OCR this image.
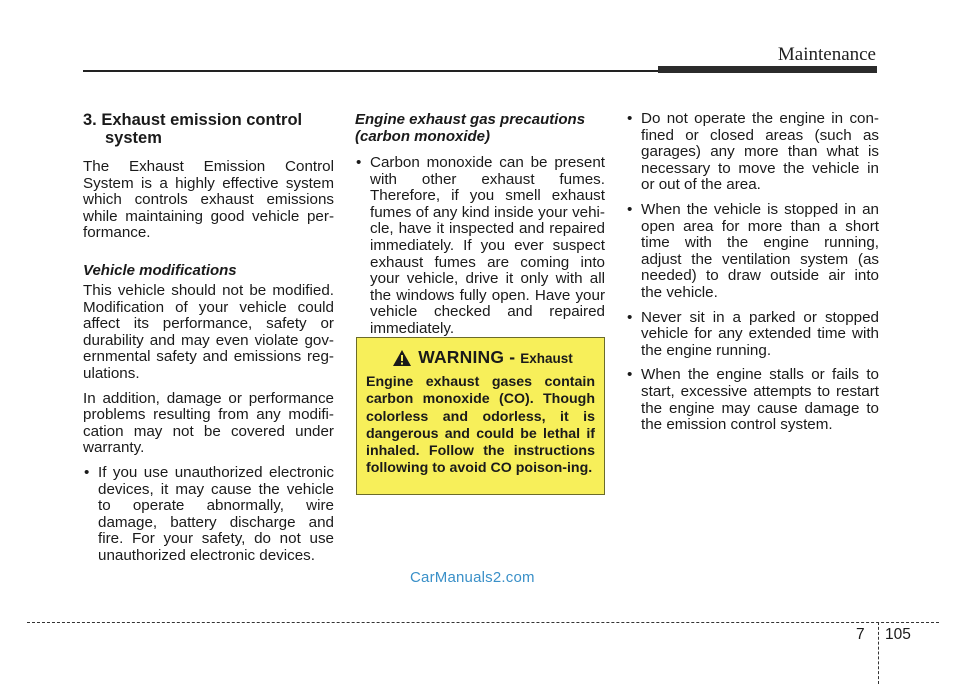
Maintenance
3. Exhaust emission control system

The Exhaust Emission Control System is a highly effective system which controls exhaust emissions while maintaining good vehicle per-formance.

Vehicle modifications

This vehicle should not be modified. Modification of your vehicle could affect its performance, safety or durability and may even violate gov-ernmental safety and emissions reg-ulations.

In addition, damage or performance problems resulting from any modifi-cation may not be covered under warranty.

• If you use unauthorized electronic devices, it may cause the vehicle to operate abnormally, wire damage, battery discharge and fire. For your safety, do not use unauthorized electronic devices.
Engine exhaust gas precautions (carbon monoxide)
• Carbon monoxide can be present with other exhaust fumes. Therefore, if you smell exhaust fumes of any kind inside your vehi-cle, have it inspected and repaired immediately. If you ever suspect exhaust fumes are coming into your vehicle, drive it only with all the windows fully open. Have your vehicle checked and repaired immediately.
WARNING - Exhaust

Engine exhaust gases contain carbon monoxide (CO). Though colorless and odorless, it is dangerous and could be lethal if inhaled. Follow the instructions following to avoid CO poison-ing.

• Do not operate the engine in con-fined or closed areas (such as garages) any more than what is necessary to move the vehicle in or out of the area.
• When the vehicle is stopped in an open area for more than a short time with the engine running, adjust the ventilation system (as needed) to draw outside air into the vehicle.
• Never sit in a parked or stopped vehicle for any extended time with the engine running.
• When the engine stalls or fails to start, excessive attempts to restart the engine may cause damage to the emission control system.
CarManuals2.com
7 105
